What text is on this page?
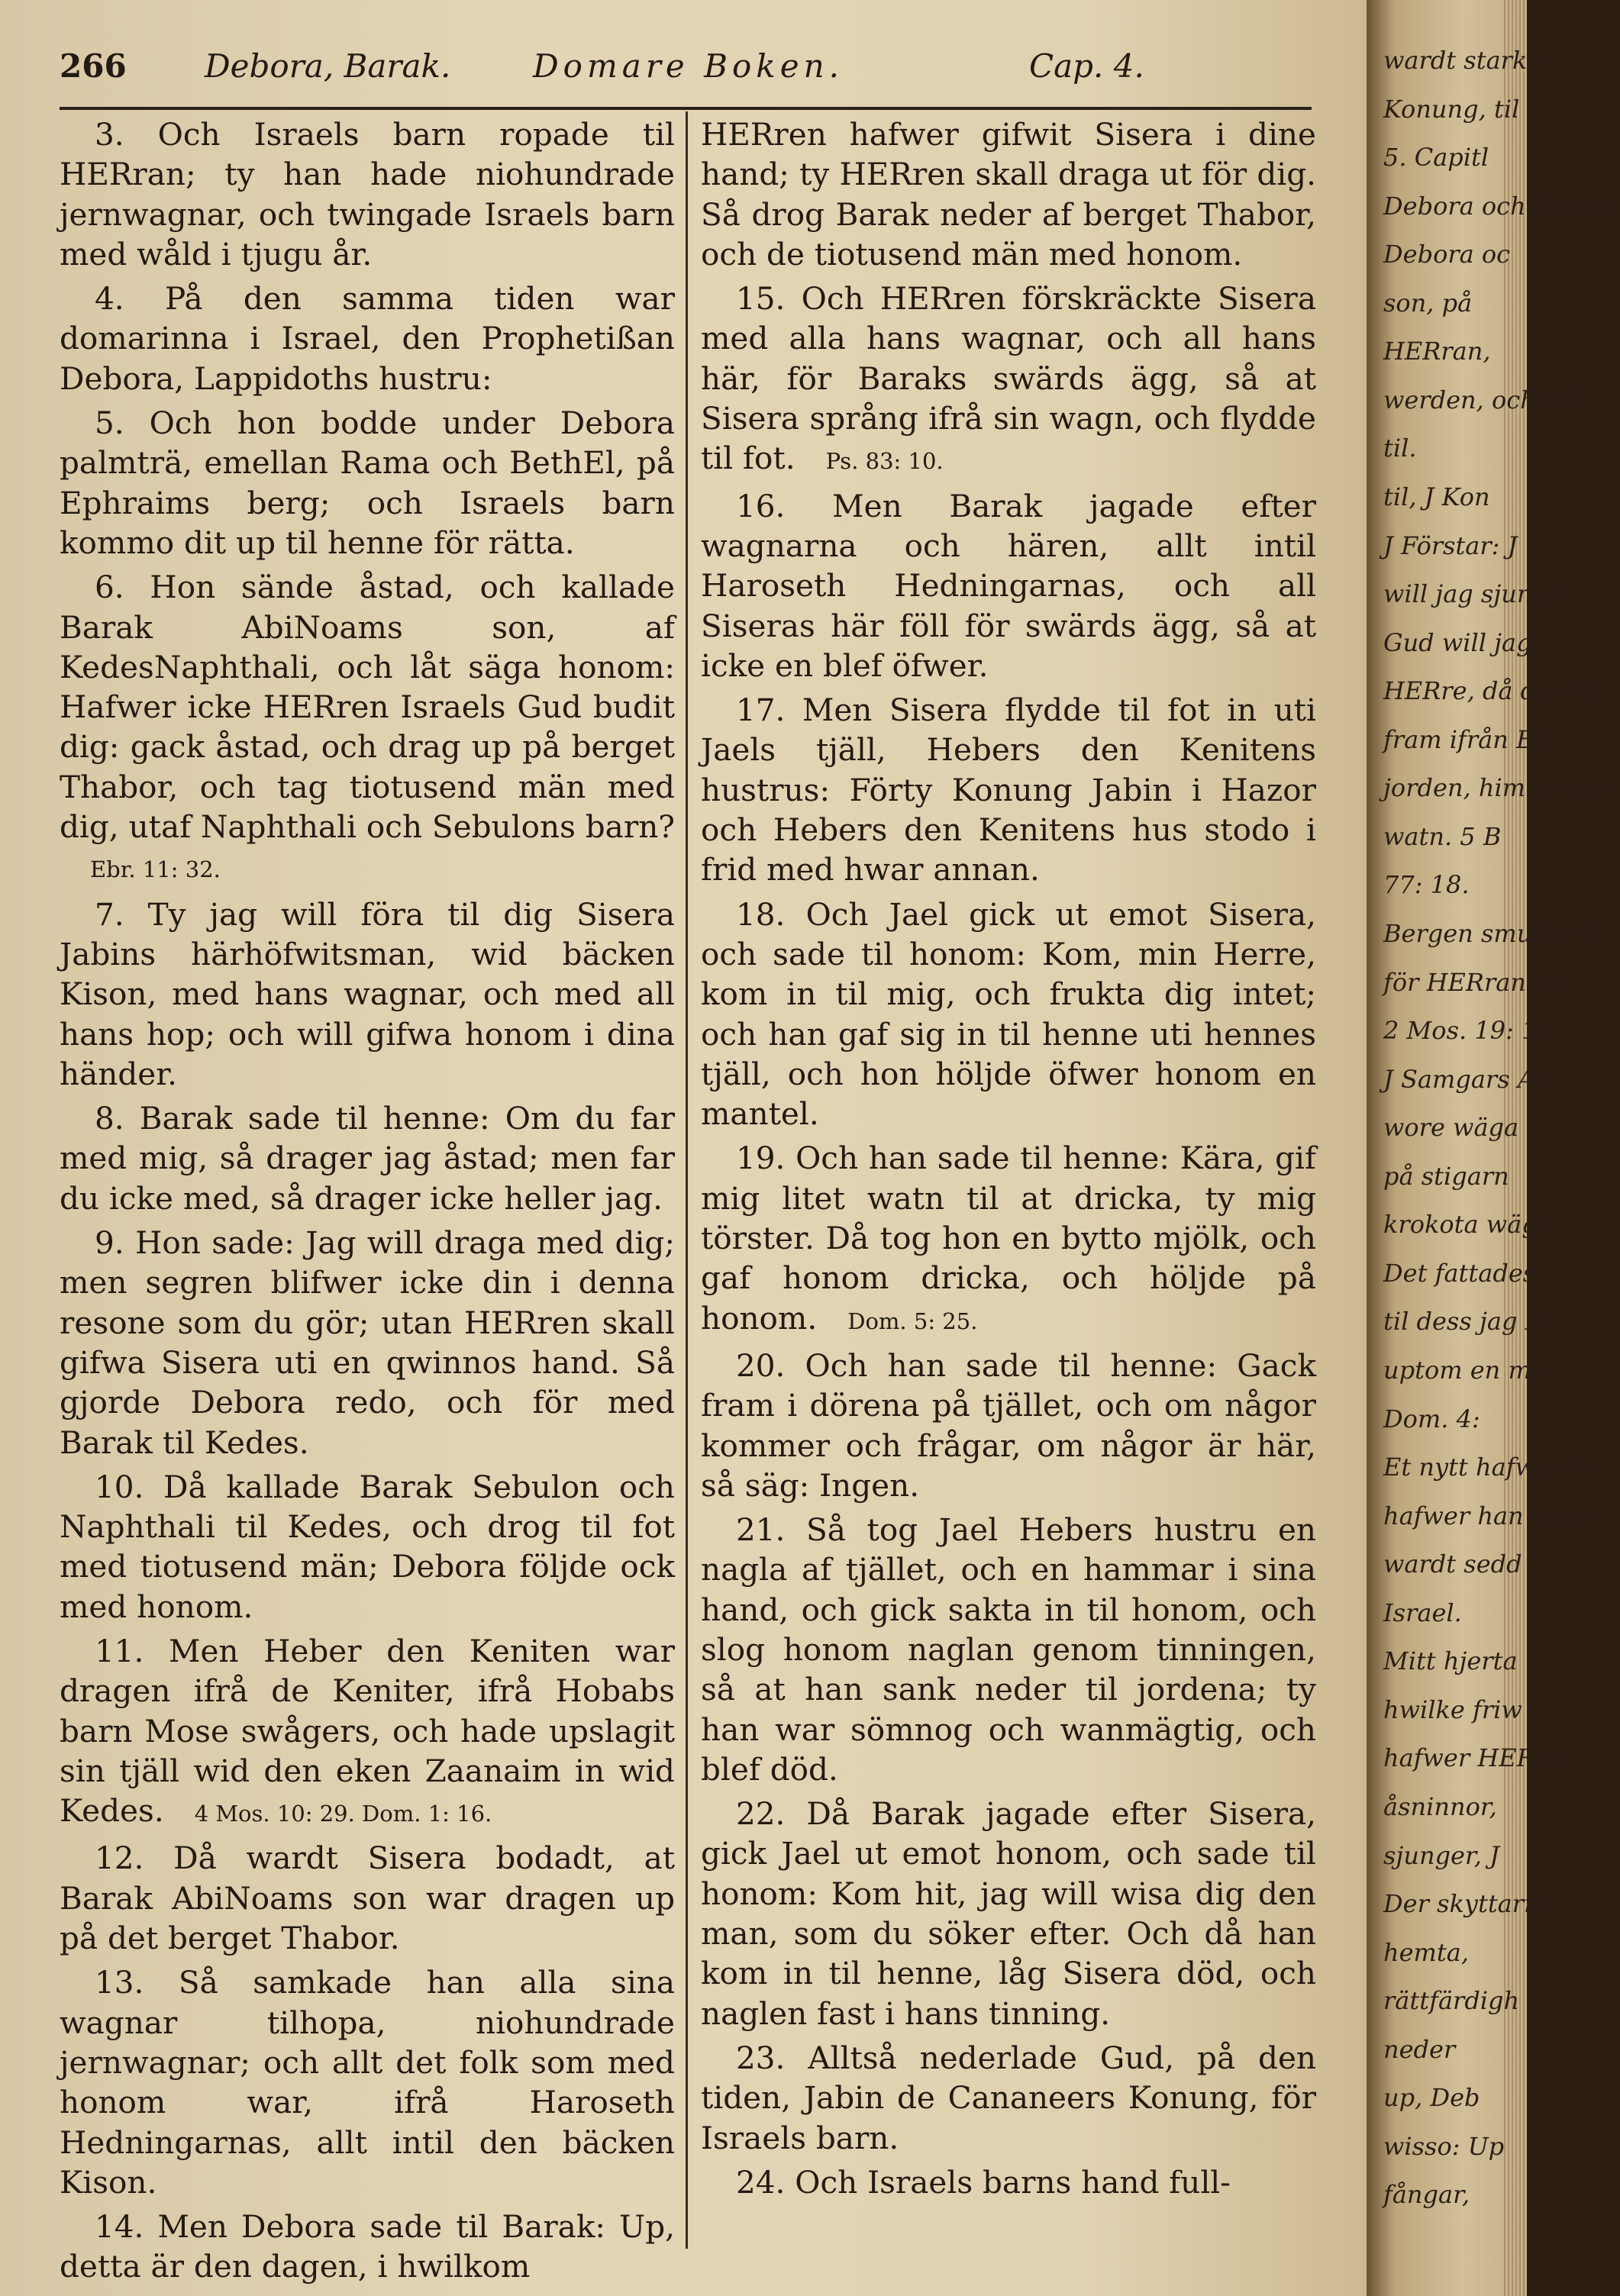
266 Debora, Barak.	Domare Boken.	Cap. 4.

3. Och Israels barn ropade til HERran; ty han hade niohundrade jernwagnar, och twingade Israels barn med wåld i tjugu år.

4. På den samma tiden war domarinna i Israel, den Prophetißan Debora, Lappidoths hustru:

5. Och hon bodde under Debora palmträ, emellan Rama och BethEl, på Ephraims berg; och Israels barn kommo dit up til henne för rätta.

6. Hon sände åstad, och kallade Barak AbiNoams son, af KedesNaphthali, och låt säga honom: Hafwer icke HERren Israels Gud budit dig: gack åstad, och drag up på berget Thabor, och tag tiotusend män med dig, utaf Naphthali och Sebulons barn?Ebr. 11: 32.

7. Ty jag will föra til dig Sisera Jabins härhöfwitsman, wid bäcken Kison, med hans wagnar, och med all hans hop; och will gifwa honom i dina händer.

8. Barak sade til henne: Om du far med mig, så drager jag åstad; men far du icke med, så drager icke heller jag.

9. Hon sade: Jag will draga med dig; men segren blifwer icke din i denna resone som du gör; utan HERren skall gifwa Sisera uti en qwinnos hand. Så gjorde Debora redo, och för med Barak til Kedes.

10. Då kallade Barak Sebulon och Naphthali til Kedes, och drog til fot med tiotusend män; Debora följde ock med honom.

11. Men Heber den Keniten war dragen ifrå de Keniter, ifrå Hobabs barn Mose swågers, och hade upslagit sin tjäll wid den eken Zaanaim in wid Kedes. 4 Mos. 10: 29. Dom. 1: 16.

12. Då wardt Sisera bodadt, at Barak AbiNoams son war dragen up på det berget Thabor.

13. Så samkade han alla sina wagnar tilhopa, niohundrade jernwagnar; och allt det folk som med honom war, ifrå Haroseth Hedningarnas, allt intil den bäcken Kison.

14. Men Debora sade til Barak: Up, detta är den dagen, i hwilkom

HERren hafwer gifwit Sisera i dine hand; ty HERren skall draga ut för dig. Så drog Barak neder af berget Thabor, och de tiotusend män med honom.

15. Och HERren förskräckte Sisera med alla hans wagnar, och all hans här, för Baraks swärds ägg, så at Sisera språng ifrå sin wagn, och flydde til fot. Ps. 83: 10.

16. Men Barak jagade efter wagnarna och hären, allt intil Haroseth Hedningarnas, och all Siseras här föll för swärds ägg, så at icke en blef öfwer.

17. Men Sisera flydde til fot in uti Jaels tjäll, Hebers den Kenitens hustrus: Förty Konung Jabin i Hazor och Hebers den Kenitens hus stodo i frid med hwar annan.

18. Och Jael gick ut emot Sisera, och sade til honom: Kom, min Herre, kom in til mig, och frukta dig intet; och han gaf sig in til henne uti hennes tjäll, och hon höljde öfwer honom en mantel.

19. Och han sade til henne: Kära, gif mig litet watn til at dricka, ty mig törster. Då tog hon en bytto mjölk, och gaf honom dricka, och höljde på honom. Dom. 5: 25.

20. Och han sade til henne: Gack fram i dörena på tjället, och om någor kommer och frågar, om någor är här, så säg: Ingen.

21. Så tog Jael Hebers hustru en nagla af tjället, och en hammar i sina hand, och gick sakta in til honom, och slog honom naglan genom tinningen, så at han sank neder til jordena; ty han war sömnog och wanmägtig, och blef död.

22. Då Barak jagade efter Sisera, gick Jael ut emot honom, och sade til honom: Kom hit, jag will wisa dig den man, som du söker efter. Och då han kom in til henne, låg Sisera död, och naglen fast i hans tinning.

23. Alltså nederlade Gud, på den tiden, Jabin de Cananeers Konung, för Israels barn.

24. Och Israels barns hand full-

wardt stark e
Konung, til
5. Capitl
Debora och Baraks
Debora oc
son, på
HERran,
werden, och folk
til.
til, J Kon
J Förstar: J
will jag sjunga
Gud will jag
HERre, då du utd
fram ifrån Ed
jorden, himmelen i
watn. 5 B
77: 18.
Bergen smulto fö
för HERranom
2 Mos. 19: 16
J Samgars An
wore wäga
på stigarn
krokota wäga
Det fattades,
til dess jag D
uptom en mo
Dom. 4:
Et nytt hafwer G
hafwer han bestr
wardt sedd i
Israel.
Mitt hjerta
hwilke friw
hafwer HERra
åsninnor,
sjunger, J
Der skyttarne
hemta,
rättfärdigh
neder
up, Deb
wisso: Up
fångar,
